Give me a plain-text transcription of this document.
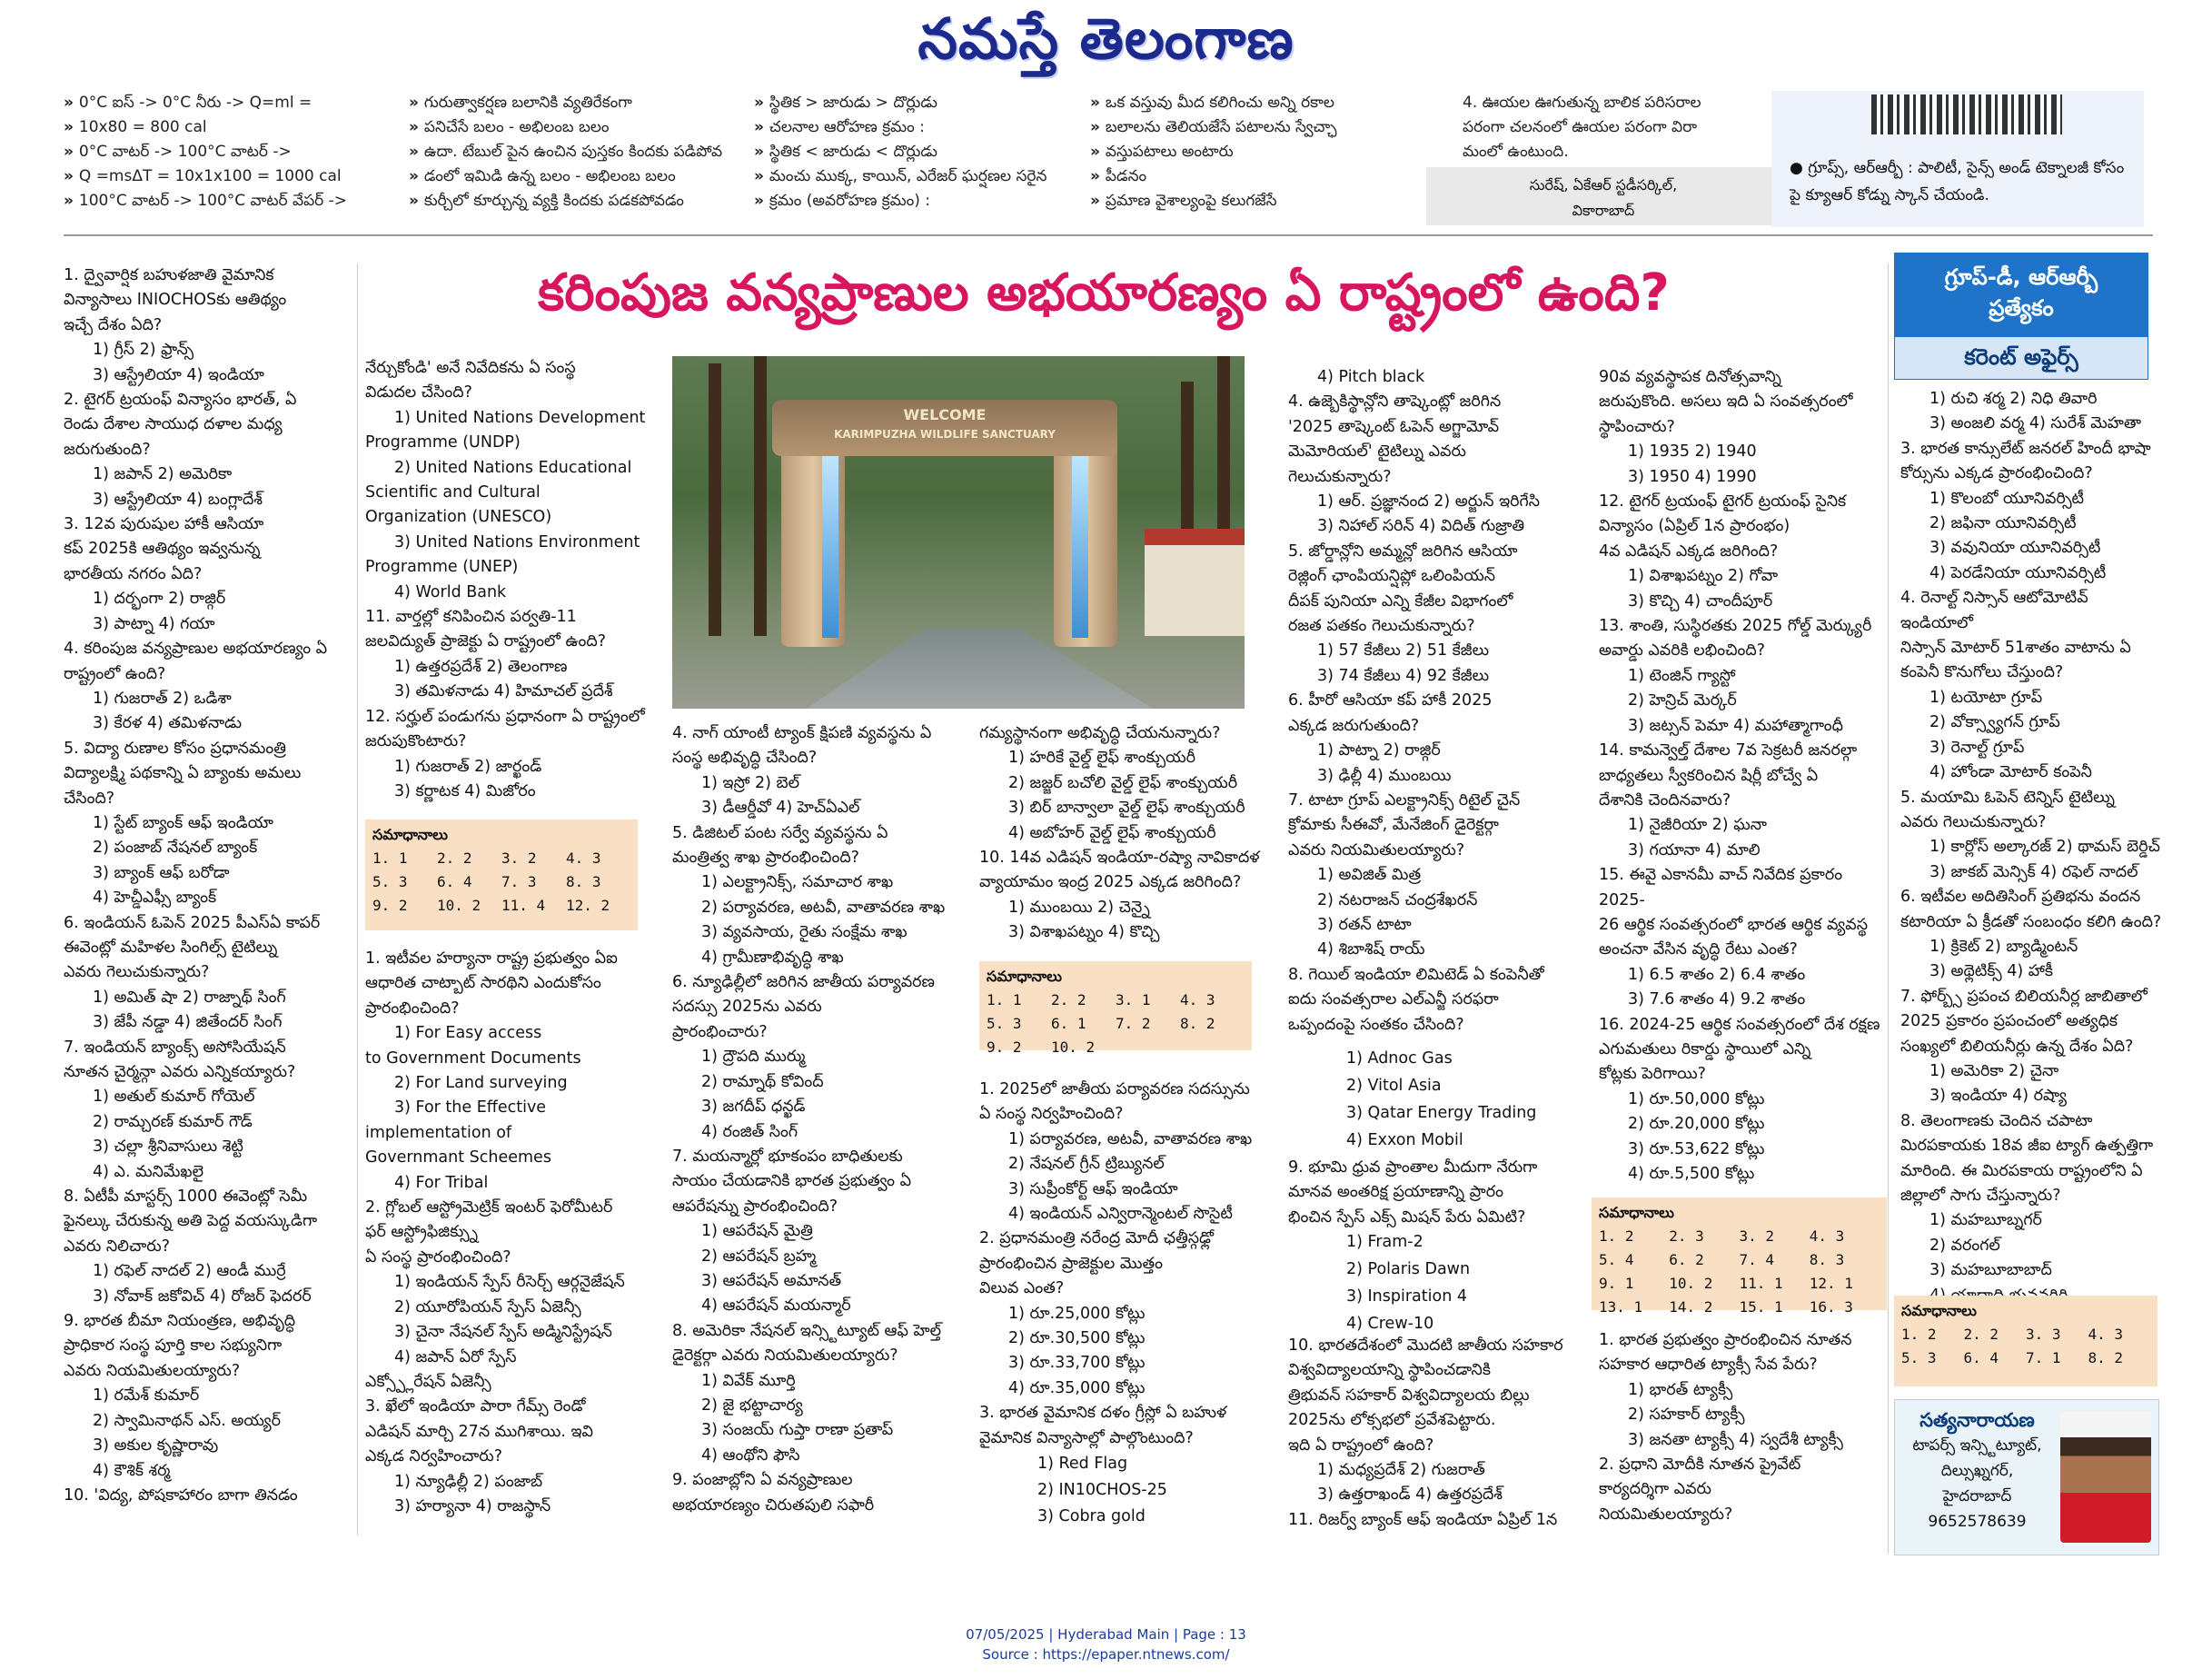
నమస్తే తెలంగాణ
» 0°C ఐస్ -> 0°C నీరు -> Q=ml =
» 10x80 = 800 cal
» 0°C వాటర్ -> 100°C వాటర్ ->
» Q =msΔT = 10x1x100 = 1000 cal
» 100°C వాటర్ -> 100°C వాటర్ వేపర్ ->
» గురుత్వాకర్షణ బలానికి వ్యతిరేకంగా
» పనిచేసే బలం - అభిలంబ బలం
» ఉదా. టేబుల్ పైన ఉంచిన పుస్తకం కిందకు పడిపోవ
» డంలో ఇమిడి ఉన్న బలం - అభిలంబ బలం
» కుర్చీలో కూర్చున్న వ్యక్తి కిందకు పడకపోవడం
» స్థితిక > జారుడు > దొర్లుడు
» చలనాల ఆరోహణ క్రమం :
» స్థితిక < జారుడు < దొర్లుడు
» మంచు ముక్క, కాయిన్, ఎరేజర్ ఘర్షణల సరైన
» క్రమం (అవరోహణ క్రమం) :
» ఒక వస్తువు మీద కలిగించు అన్ని రకాల
» బలాలను తెలియజేసే పటాలను స్వేచ్ఛా
» వస్తుపటాలు అంటారు
» పీడనం
» ప్రమాణ వైశాల్యంపై కలుగజేసే
4. ఊయల ఊగుతున్న బాలిక పరిసరాల
పరంగా చలనంలో ఊయల పరంగా విరా
మంలో ఉంటుంది.
సురేష్, ఏకేఆర్ స్టడీసర్కిల్,
వికారాబాద్
● గ్రూప్స్, ఆర్ఆర్బీ : పాలిటీ, సైన్స్ అండ్ టెక్నాలజీ కోసం పై క్యూఆర్ కోడ్ను స్కాన్ చేయండి.
కరింపుజ వన్యప్రాణుల అభయారణ్యం ఏ రాష్ట్రంలో ఉంది?	గ్రూప్-డీ, ఆర్ఆర్బీ
ప్రత్యేకం
కరెంట్ అఫైర్స్
1. ద్వైవార్షిక బహుళజాతి వైమానిక
విన్యాసాలు INIOCHOSకు ఆతిథ్యం
ఇచ్చే దేశం ఏది?
1) గ్రీస్ 2) ఫ్రాన్స్
3) ఆస్ట్రేలియా 4) ఇండియా
2. టైగర్ ట్రయంఫ్ విన్యాసం భారత్, ఏ
రెండు దేశాల సాయుధ దళాల మధ్య
జరుగుతుంది?
1) జపాన్ 2) అమెరికా
3) ఆస్ట్రేలియా 4) బంగ్లాదేశ్
3. 12వ పురుషుల హాకీ ఆసియా
కప్ 2025కి ఆతిథ్యం ఇవ్వనున్న
భారతీయ నగరం ఏది?
1) దర్భంగా 2) రాజ్గిర్
3) పాట్నా 4) గయా
4. కరింపుజ వన్యప్రాణుల అభయారణ్యం ఏ
రాష్ట్రంలో ఉంది?
1) గుజరాత్ 2) ఒడిశా
3) కేరళ 4) తమిళనాడు
5. విద్యా రుణాల కోసం ప్రధానమంత్రి
విద్యాలక్ష్మి పథకాన్ని ఏ బ్యాంకు అమలు
చేసింది?
1) స్టేట్ బ్యాంక్ ఆఫ్ ఇండియా
2) పంజాబ్ నేషనల్ బ్యాంక్
3) బ్యాంక్ ఆఫ్ బరోడా
4) హెచ్డీఎఫ్సీ బ్యాంక్
6. ఇండియన్ ఓపెన్ 2025 పీఎస్ఏ కాపర్
ఈవెంట్లో మహిళల సింగిల్స్ టైటిల్ను
ఎవరు గెలుచుకున్నారు?
1) అమిత్ షా 2) రాజ్నాథ్ సింగ్
3) జేపీ నడ్డా 4) జితేందర్ సింగ్
7. ఇండియన్ బ్యాంక్స్ అసోసియేషన్
నూతన చైర్మన్గా ఎవరు ఎన్నికయ్యారు?
1) అతుల్ కుమార్ గోయెల్
2) రామ్చరణ్ కుమార్ గౌడ్
3) చల్లా శ్రీనివాసులు శెట్టి
4) ఎ. మనిమేఖలై
8. ఏటీపీ మాస్టర్స్ 1000 ఈవెంట్లో సెమీ
ఫైనల్కు చేరుకున్న అతి పెద్ద వయస్కుడిగా
ఎవరు నిలిచారు?
1) రఫెల్ నాదల్ 2) ఆండీ ముర్రే
3) నోవాక్ జకోవిచ్ 4) రోజర్ ఫెదరర్
9. భారత బీమా నియంత్రణ, అభివృద్ధి
ప్రాధికార సంస్థ పూర్తి కాల సభ్యునిగా
ఎవరు నియమితులయ్యారు?
1) రమేశ్ కుమార్
2) స్వామినాథన్ ఎస్. అయ్యర్
3) అకుల కృష్ణారావు
4) కౌశిక్ శర్మ
10. 'విద్య, పోషకాహారం బాగా తినడం
నేర్చుకోండి' అనే నివేదికను ఏ సంస్థ
విడుదల చేసింది?
1) United Nations Development
Programme (UNDP)
2) United Nations Educational
Scientific and Cultural
Organization (UNESCO)
3) United Nations Environment
Programme (UNEP)
4) World Bank
11. వార్తల్లో కనిపించిన పర్వతి-11
జలవిద్యుత్ ప్రాజెక్టు ఏ రాష్ట్రంలో ఉంది?
1) ఉత్తరప్రదేశ్ 2) తెలంగాణ
3) తమిళనాడు 4) హిమాచల్ ప్రదేశ్
12. సర్హుల్ పండుగను ప్రధానంగా ఏ రాష్ట్రంలో
జరుపుకొంటారు?
1) గుజరాత్ 2) జార్ఖండ్
3) కర్ణాటక 4) మిజోరం
సమాధానాలు
1. 1	2. 2	3. 2	4. 3
5. 3	6. 4	7. 3	8. 3
9. 2	10. 2	11. 4	12. 2
1. ఇటీవల హర్యానా రాష్ట్ర ప్రభుత్వం ఏఐ
ఆధారిత చాట్బాట్ సారథిని ఎందుకోసం
ప్రారంభించింది?
1) For Easy access
to Government Documents
2) For Land surveying
3) For the Effective
implementation of
Governmant Scheemes
4) For Tribal
2. గ్లోబల్ ఆస్ట్రోమెట్రిక్ ఇంటర్ ఫెరోమీటర్
ఫర్ ఆస్ట్రోఫిజిక్స్ను
ఏ సంస్థ ప్రారంభించింది?
1) ఇండియన్ స్పేస్ రీసెర్చ్ ఆర్గనైజేషన్
2) యూరోపియన్ స్పేస్ ఏజెన్సీ
3) చైనా నేషనల్ స్పేస్ అడ్మినిస్ట్రేషన్
4) జపాన్ ఏరో స్పేస్
ఎక్స్ప్లోరేషన్ ఏజెన్సీ
3. ఖేలో ఇండియా పారా గేమ్స్ రెండో
ఎడిషన్ మార్చి 27న ముగిశాయి. ఇవి
ఎక్కడ నిర్వహించారు?
1) న్యూఢిల్లీ 2) పంజాబ్
3) హర్యానా 4) రాజస్థాన్
WELCOME
KARIMPUZHA WILDLIFE SANCTUARY
4. నాగ్ యాంటీ ట్యాంక్ క్షిపణి వ్యవస్థను ఏ
సంస్థ అభివృద్ధి చేసింది?
1) ఇస్రో 2) బెల్
3) డీఆర్డీవో 4) హెచ్ఏఎల్
5. డిజిటల్ పంట సర్వే వ్యవస్థను ఏ
మంత్రిత్వ శాఖ ప్రారంభించింది?
1) ఎలక్ట్రానిక్స్, సమాచార శాఖ
2) పర్యావరణ, అటవీ, వాతావరణ శాఖ
3) వ్యవసాయ, రైతు సంక్షేమ శాఖ
4) గ్రామీణాభివృద్ధి శాఖ
6. న్యూఢిల్లీలో జరిగిన జాతీయ పర్యావరణ
సదస్సు 2025ను ఎవరు
ప్రారంభించారు?
1) ద్రౌపది ముర్ము
2) రామ్నాథ్ కోవింద్
3) జగదీప్ ధన్ఖడ్
4) రంజిత్ సింగ్
7. మయన్మార్లో భూకంపం బాధితులకు
సాయం చేయడానికి భారత ప్రభుత్వం ఏ
ఆపరేషన్ను ప్రారంభించింది?
1) ఆపరేషన్ మైత్రి
2) ఆపరేషన్ బ్రహ్మ
3) ఆపరేషన్ అమానత్
4) ఆపరేషన్ మయన్మార్
8. అమెరికా నేషనల్ ఇన్స్టిట్యూట్ ఆఫ్ హెల్త్
డైరెక్టర్గా ఎవరు నియమితులయ్యారు?
1) వివేక్ మూర్తి
2) జై భట్టాచార్య
3) సంజయ్ గుప్తా రాణా ప్రతాప్
4) ఆంథోని ఫౌసి
9. పంజాబ్లోని ఏ వన్యప్రాణుల
అభయారణ్యం చిరుతపులి సఫారీ
గమ్యస్థానంగా అభివృద్ధి చేయనున్నారు?
1) హరికే వైల్డ్ లైఫ్ శాంక్చుయరీ
2) జజ్జర్ బచోలి వైల్డ్ లైఫ్ శాంక్చుయరీ
3) బిర్ బాన్వాలా వైల్డ్ లైఫ్ శాంక్చుయరీ
4) అబోహర్ వైల్డ్ లైఫ్ శాంక్చుయరీ
10. 14వ ఎడిషన్ ఇండియా-రష్యా నావికాదళ
వ్యాయామం ఇంద్ర 2025 ఎక్కడ జరిగింది?
1) ముంబయి 2) చెన్నై
3) విశాఖపట్నం 4) కొచ్చి
సమాధానాలు
1. 1	2. 2	3. 1	4. 3
5. 3	6. 1	7. 2	8. 2
9. 2	10. 2
1. 2025లో జాతీయ పర్యావరణ సదస్సును
ఏ సంస్థ నిర్వహించింది?
1) పర్యావరణ, అటవీ, వాతావరణ శాఖ
2) నేషనల్ గ్రీన్ ట్రిబ్యునల్
3) సుప్రీంకోర్ట్ ఆఫ్ ఇండియా
4) ఇండియన్ ఎన్విరాన్మెంటల్ సొసైటీ
2. ప్రధానమంత్రి నరేంద్ర మోదీ ఛత్తీస్గఢ్లో
ప్రారంభించిన ప్రాజెక్టుల మొత్తం
విలువ ఎంత?
1) రూ.25,000 కోట్లు
2) రూ.30,500 కోట్లు
3) రూ.33,700 కోట్లు
4) రూ.35,000 కోట్లు
3. భారత వైమానిక దళం గ్రీస్లో ఏ బహుళ
వైమానిక విన్యాసాల్లో పాల్గొంటుంది?
1) Red Flag
2) IN10CHOS-25
3) Cobra gold
4) Pitch black
4. ఉజ్బెకిస్థాన్లోని తాష్కెంట్లో జరిగిన
'2025 తాష్కెంట్ ఓపెన్ అగ్జామోవ్
మెమోరియల్' టైటిల్ను ఎవరు
గెలుచుకున్నారు?
1) ఆర్. ప్రజ్ఞానంద 2) అర్జున్ ఇరిగేసి
3) నిహాల్ సరిన్ 4) విదిత్ గుజ్రాతి
5. జోర్డాన్లోని అమ్మన్లో జరిగిన ఆసియా
రెజ్లింగ్ ఛాంపియన్షిప్లో ఒలింపియన్
దీపక్ పునియా ఎన్ని కేజీల విభాగంలో
రజత పతకం గెలుచుకున్నారు?
1) 57 కేజీలు 2) 51 కేజీలు
3) 74 కేజీలు 4) 92 కేజీలు
6. హీరో ఆసియా కప్ హాకీ 2025
ఎక్కడ జరుగుతుంది?
1) పాట్నా 2) రాజ్గిర్
3) ఢిల్లీ 4) ముంబయి
7. టాటా గ్రూప్ ఎలక్ట్రానిక్స్ రిటైల్ చైన్
క్రోమాకు సీఈవో, మేనేజింగ్ డైరెక్టర్గా
ఎవరు నియమితులయ్యారు?
1) అవిజిత్ మిత్ర
2) నటరాజన్ చంద్రశేఖరన్
3) రతన్ టాటా
4) శిబాశిష్ రాయ్
8. గెయిల్ ఇండియా లిమిటెడ్ ఏ కంపెనీతో
ఐదు సంవత్సరాల ఎల్ఎన్జీ సరఫరా
ఒప్పందంపై సంతకం చేసింది?
1) Adnoc Gas
2) Vitol Asia
3) Qatar Energy Trading
4) Exxon Mobil
9. భూమి ధ్రువ ప్రాంతాల మీదుగా నేరుగా
మానవ అంతరిక్ష ప్రయాణాన్ని ప్రారం
భించిన స్పేస్ ఎక్స్ మిషన్ పేరు ఏమిటి?
1) Fram-2
2) Polaris Dawn
3) Inspiration 4
4) Crew-10
10. భారతదేశంలో మొదటి జాతీయ సహకార
విశ్వవిద్యాలయాన్ని స్థాపించడానికి
త్రిభువన్ సహకార్ విశ్వవిద్యాలయ బిల్లు
2025ను లోక్సభలో ప్రవేశపెట్టారు.
ఇది ఏ రాష్ట్రంలో ఉంది?
1) మధ్యప్రదేశ్ 2) గుజరాత్
3) ఉత్తరాఖండ్ 4) ఉత్తరప్రదేశ్
11. రిజర్వ్ బ్యాంక్ ఆఫ్ ఇండియా ఏప్రిల్ 1న
90వ వ్యవస్థాపక దినోత్సవాన్ని
జరుపుకొంది. అసలు ఇది ఏ సంవత్సరంలో
స్థాపించారు?
1) 1935 2) 1940
3) 1950 4) 1990
12. టైగర్ ట్రయంఫ్ టైగర్ ట్రయంఫ్ సైనిక
విన్యాసం (ఏప్రిల్ 1న ప్రారంభం)
4వ ఎడిషన్ ఎక్కడ జరిగింది?
1) విశాఖపట్నం 2) గోవా
3) కొచ్చి 4) చాందీపూర్
13. శాంతి, సుస్థిరతకు 2025 గోల్డ్ మెర్క్యురీ
అవార్డు ఎవరికి లభించింది?
1) టెంజిన్ గ్యాస్టో
2) హెన్రిచ్ మెర్కర్
3) జట్సన్ పెమా 4) మహాత్మాగాంధీ
14. కామన్వెల్త్ దేశాల 7వ సెక్రటరీ జనరల్గా
బాధ్యతలు స్వీకరించిన షిర్లీ బోచ్వే ఏ
దేశానికి చెందినవారు?
1) నైజీరియా 2) ఘనా
3) గయానా 4) మాలి
15. ఈవై ఎకానమీ వాచ్ నివేదిక ప్రకారం 2025-
26 ఆర్థిక సంవత్సరంలో భారత ఆర్థిక వ్యవస్థ
అంచనా వేసిన వృద్ధి రేటు ఎంత?
1) 6.5 శాతం 2) 6.4 శాతం
3) 7.6 శాతం 4) 9.2 శాతం
16. 2024-25 ఆర్థిక సంవత్సరంలో దేశ రక్షణ
ఎగుమతులు రికార్డు స్థాయిలో ఎన్ని
కోట్లకు పెరిగాయి?
1) రూ.50,000 కోట్లు
2) రూ.20,000 కోట్లు
3) రూ.53,622 కోట్లు
4) రూ.5,500 కోట్లు
సమాధానాలు
1. 2	2. 3	3. 2	4. 3
5. 4	6. 2	7. 4	8. 3
9. 1	10. 2	11. 1	12. 1
13. 1	14. 2	15. 1	16. 3
1. భారత ప్రభుత్వం ప్రారంభించిన నూతన
సహకార ఆధారిత ట్యాక్సీ సేవ పేరు?
1) భారత్ ట్యాక్సీ
2) సహకార్ ట్యాక్సీ
3) జనతా ట్యాక్సీ 4) స్వదేశీ ట్యాక్సీ
2. ప్రధాని మోదీకి నూతన ప్రైవేట్
కార్యదర్శిగా ఎవరు
నియమితులయ్యారు?
1) రుచి శర్మ 2) నిధి తివారి
3) అంజలి వర్మ 4) సురేశ్ మెహతా
3. భారత కాన్సులేట్ జనరల్ హిందీ భాషా
కోర్సును ఎక్కడ ప్రారంభించింది?
1) కొలంబో యూనివర్సిటీ
2) జఫినా యూనివర్సిటీ
3) వవునియా యూనివర్సిటీ
4) పెరడేనియా యూనివర్సిటీ
4. రెనాల్ట్ నిస్సాన్ ఆటోమోటివ్ ఇండియాలో
నిస్సాన్ మోటార్ 51శాతం వాటాను ఏ
కంపెనీ కొనుగోలు చేస్తుంది?
1) టయోటా గ్రూప్
2) వోక్స్వ్యాగన్ గ్రూప్
3) రెనాల్ట్ గ్రూప్
4) హోండా మోటార్ కంపెనీ
5. మయామి ఓపెన్ టెన్నిస్ టైటిల్ను
ఎవరు గెలుచుకున్నారు?
1) కార్లోస్ అల్కారజ్ 2) థామస్ బెర్డిచ్
3) జాకబ్ మెన్సిక్ 4) రఫెల్ నాదల్
6. ఇటీవల అదితిసింగ్ ప్రతిభను వందన
కటారియా ఏ క్రీడతో సంబంధం కలిగి ఉంది?
1) క్రికెట్ 2) బ్యాడ్మింటన్
3) అథ్లెటిక్స్ 4) హాకీ
7. ఫోర్బ్స్ ప్రపంచ బిలియనీర్ల జాబితాలో
2025 ప్రకారం ప్రపంచంలో అత్యధిక
సంఖ్యలో బిలియనీర్లు ఉన్న దేశం ఏది?
1) అమెరికా 2) చైనా
3) ఇండియా 4) రష్యా
8. తెలంగాణకు చెందిన చపాటా
మిరపకాయకు 18వ జీఐ ట్యాగ్ ఉత్పత్తిగా
మారింది. ఈ మిరపకాయ రాష్ట్రంలోని ఏ
జిల్లాలో సాగు చేస్తున్నారు?
1) మహబూబ్నగర్
2) వరంగల్
3) మహబూబాబాద్
సమాధానాలు
1. 2	2. 2	3. 3	4. 3
5. 3	6. 4	7. 1	8. 2
సత్యనారాయణ
టాపర్స్ ఇన్స్టిట్యూట్,
దిల్సుఖ్నగర్,
హైదరాబాద్
9652578639
07/05/2025 | Hyderabad Main | Page : 13
Source : https://epaper.ntnews.com/
